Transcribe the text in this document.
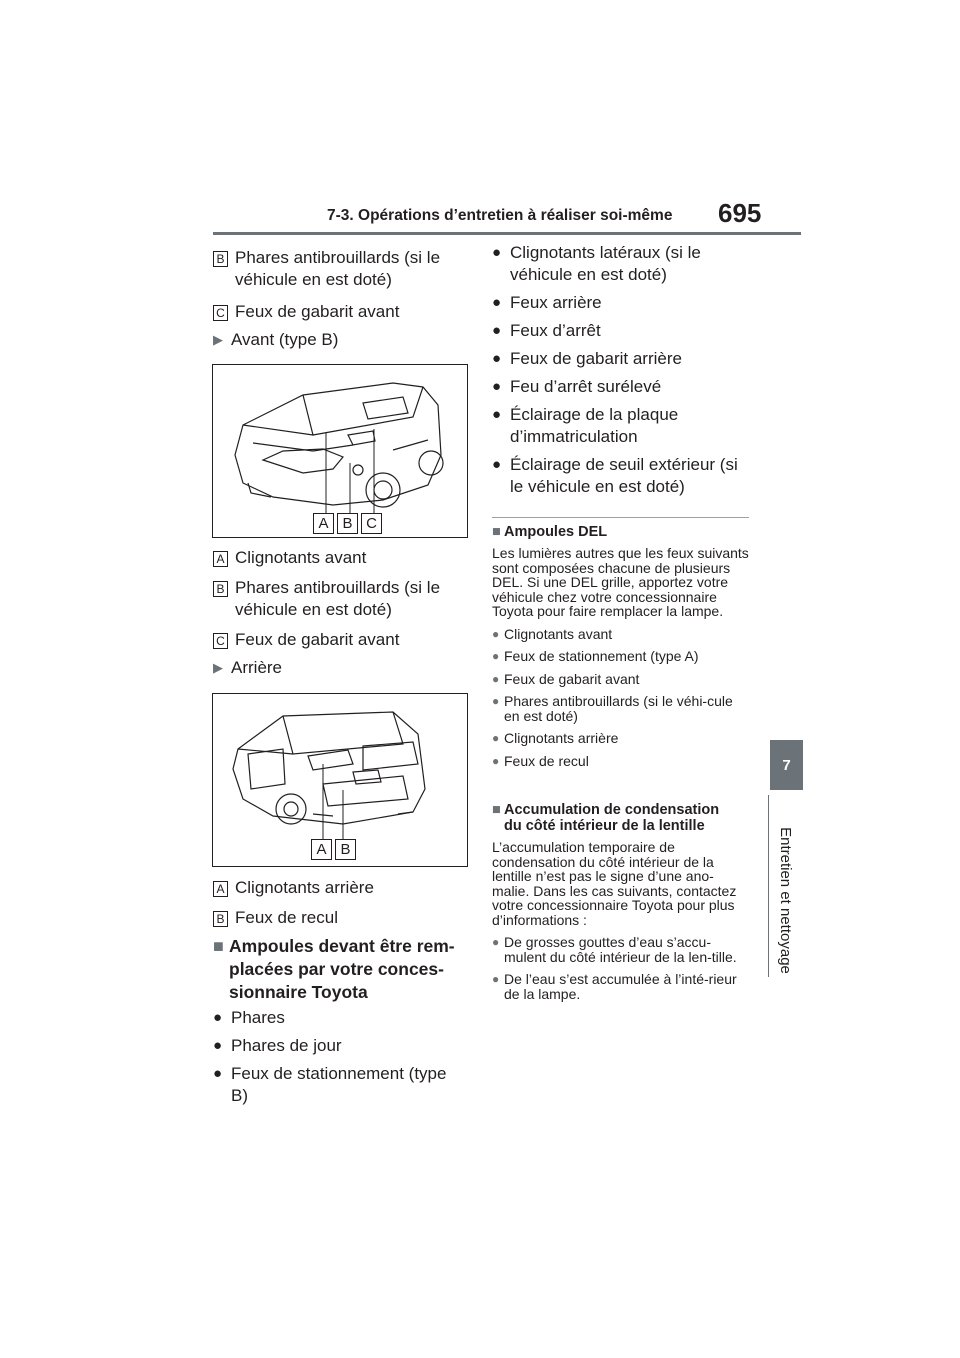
7-3. Opérations d’entretien à réaliser soi-même 695
7
Entretien et nettoyage
B Phares antibrouillards (si le véhicule en est doté)
C Feux de gabarit avant
▶ Avant (type B)
A B C
A Clignotants avant
B Phares antibrouillards (si le véhicule en est doté)
C Feux de gabarit avant
▶ Arrière
A B
A Clignotants arrière
B Feux de recul
■ Ampoules devant être rem-
placées par votre conces-
sionnaire Toyota
● Phares
● Phares de jour
● Feux de stationnement (type B)
● Clignotants latéraux (si le véhicule en est doté)
● Feux arrière
● Feux d’arrêt
● Feux de gabarit arrière
● Feu d’arrêt surélevé
● Éclairage de la plaque d’immatriculation
● Éclairage de seuil extérieur (si le véhicule en est doté)
■ Ampoules DEL
Les lumières autres que les feux suivants sont composées chacune de plusieurs DEL. Si une DEL grille, apportez votre véhicule chez votre concessionnaire Toyota pour faire remplacer la lampe.
● Clignotants avant
● Feux de stationnement (type A)
● Feux de gabarit avant
● Phares antibrouillards (si le véhi-cule en est doté)
● Clignotants arrière
● Feux de recul
■ Accumulation de condensation
du côté intérieur de la lentille
L’accumulation temporaire de condensation du côté intérieur de la lentille n’est pas le signe d’une ano-malie. Dans les cas suivants, contactez votre concessionnaire Toyota pour plus d’informations :
● De grosses gouttes d’eau s’accu-mulent du côté intérieur de la len-tille.
● De l’eau s’est accumulée à l’inté-rieur de la lampe.
